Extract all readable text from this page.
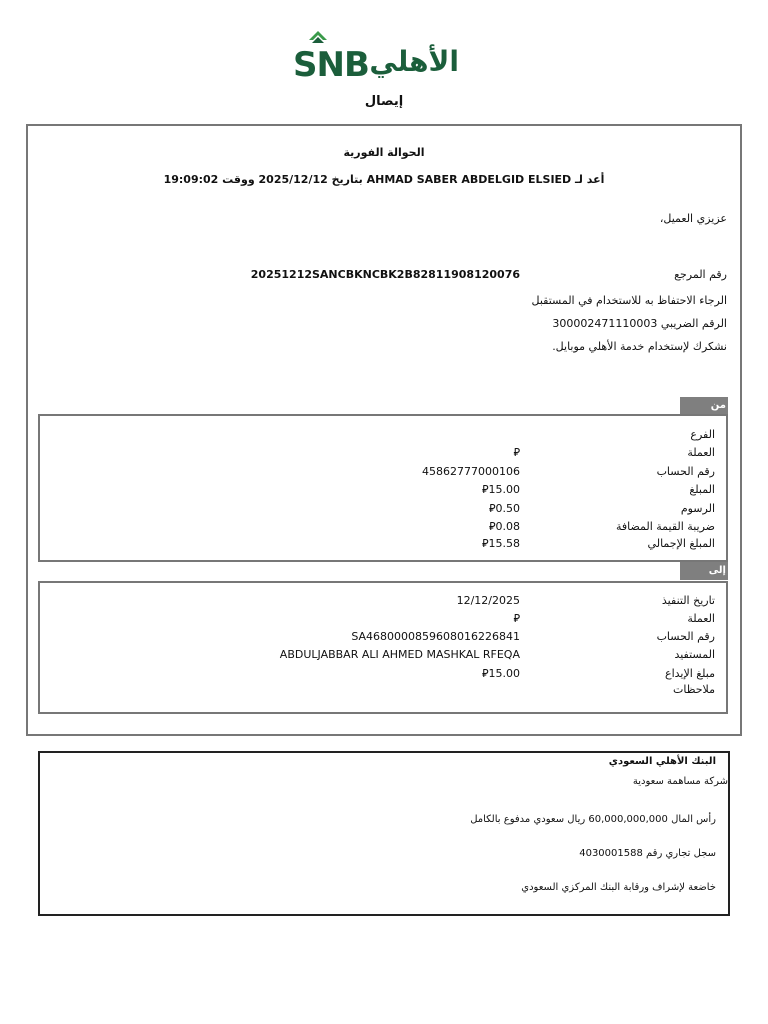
SNB الأهلي
إيصال
الحوالة الفورية
أعد لـ AHMAD SABER ABDELGID ELSIED بتاريخ 2025/12/12 ووقت 19:09:02
عزيزي العميل،
رقم المرجع
20251212SANCBKNCBK2B82811908120076
الرجاء الاحتفاظ به للاستخدام في المستقبل
الرقم الضريبي 300002471110003
نشكرك لإستخدام خدمة الأهلي موبايل.
من
الفرع
العملة
⃁
رقم الحساب
45862777000106
المبلغ
⃁15.00
الرسوم
⃁0.50
ضريبة القيمة المضافة
⃁0.08
المبلغ الإجمالي
⃁15.58
إلى
تاريخ التنفيذ
12/12/2025
العملة
⃁
رقم الحساب
SA4680000859608016226841
المستفيد
ABDULJABBAR ALI AHMED MASHKAL RFEQA
مبلغ الإيداع
⃁15.00
ملاحظات
البنك الأهلي السعودي
شركة مساهمة سعودية
رأس المال 60,000,000,000 ريال سعودي مدفوع بالكامل
سجل تجاري رقم 4030001588
خاضعة لإشراف ورقابة البنك المركزي السعودي
